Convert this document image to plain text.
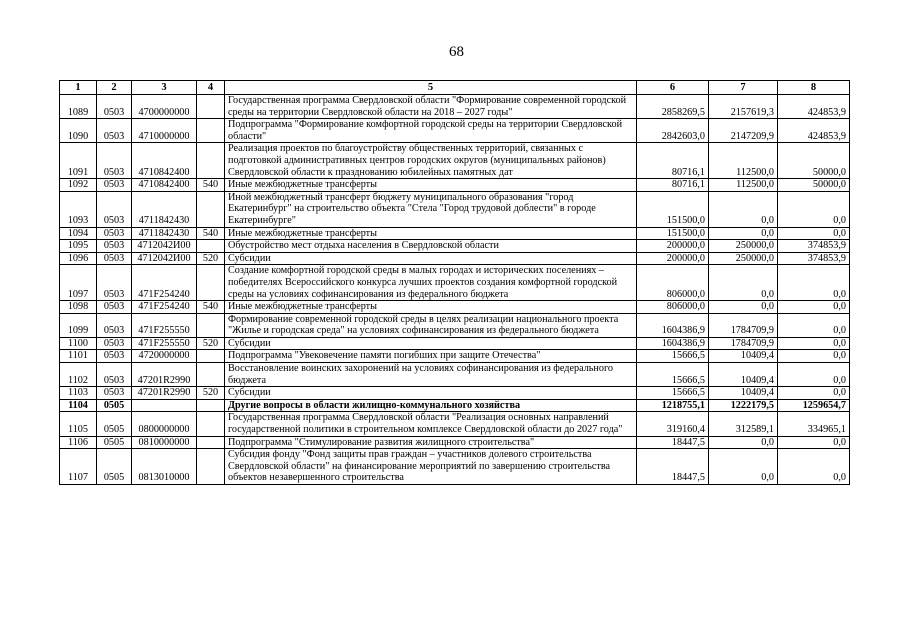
68
1	2	3	4	5	6	7	8
1089	0503	4700000000		Государственная программа Свердловской области "Формирование современной городской среды на территории Свердловской области на 2018 – 2027 годы"	2858269,5	2157619,3	424853,9
1090	0503	4710000000		Подпрограмма "Формирование комфортной городской среды на территории Свердловской области"	2842603,0	2147209,9	424853,9
1091	0503	4710842400		Реализация проектов по благоустройству общественных территорий, связанных с подготовкой административных центров городских округов (муниципальных районов) Свердловской области к празднованию юбилейных памятных дат	80716,1	112500,0	50000,0
1092	0503	4710842400	540	Иные межбюджетные трансферты	80716,1	112500,0	50000,0
1093	0503	4711842430		Иной межбюджетный трансферт бюджету муниципального образования "город Екатеринбург" на строительство объекта "Стела "Город трудовой доблести" в городе Екатеринбурге"	151500,0	0,0	0,0
1094	0503	4711842430	540	Иные межбюджетные трансферты	151500,0	0,0	0,0
1095	0503	4712042И00		Обустройство мест отдыха населения в Свердловской области	200000,0	250000,0	374853,9
1096	0503	4712042И00	520	Субсидии	200000,0	250000,0	374853,9
1097	0503	471F254240		Создание комфортной городской среды в малых городах и исторических поселениях – победителях Всероссийского конкурса лучших проектов создания комфортной городской среды на условиях софинансирования из федерального бюджета	806000,0	0,0	0,0
1098	0503	471F254240	540	Иные межбюджетные трансферты	806000,0	0,0	0,0
1099	0503	471F255550		Формирование современной городской среды в целях реализации национального проекта "Жилье и городская среда" на условиях софинансирования из федерального бюджета	1604386,9	1784709,9	0,0
1100	0503	471F255550	520	Субсидии	1604386,9	1784709,9	0,0
1101	0503	4720000000		Подпрограмма "Увековечение памяти погибших при защите Отечества"	15666,5	10409,4	0,0
1102	0503	47201R2990		Восстановление воинских захоронений на условиях софинансирования из федерального бюджета	15666,5	10409,4	0,0
1103	0503	47201R2990	520	Субсидии	15666,5	10409,4	0,0
1104	0505			Другие вопросы в области жилищно-коммунального хозяйства	1218755,1	1222179,5	1259654,7
1105	0505	0800000000		Государственная программа Свердловской области "Реализация основных направлений государственной политики в строительном комплексе Свердловской области до 2027 года"	319160,4	312589,1	334965,1
1106	0505	0810000000		Подпрограмма "Стимулирование развития жилищного строительства"	18447,5	0,0	0,0
1107	0505	0813010000		Субсидия фонду "Фонд защиты прав граждан – участников долевого строительства Свердловской области" на финансирование мероприятий по завершению строительства объектов незавершенного строительства	18447,5	0,0	0,0
